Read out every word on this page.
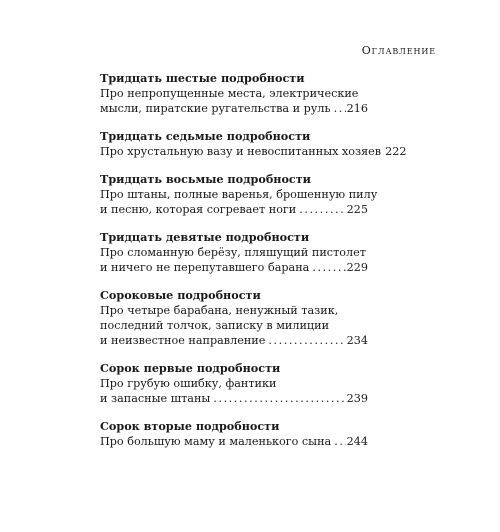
Оглавление
Тридцать шестые подробности
Про непропущенные места, электрические
мысли, пиратские ругательства и руль . . . 216
Тридцать седьмые подробности
Про хрустальную вазу и невоспитанных хозяев 222
Тридцать восьмые подробности
Про штаны, полные варенья, брошенную пилу
и песню, которая согревает ноги . . .	225
Тридцать девятые подробности
Про сломанную берёзу, пляшущий пистолет
и ничего не перепутавшего барана . . .	229
Сороковые подробности
Про четыре барабана, ненужный тазик,
последний толчок, записку в милиции
и неизвестное направление . . .	234
Сорок первые подробности
Про грубую ошибку, фантики
и запасные штаны . . .	239
Сорок вторые подробности
Про большую маму и маленького сына . . . 244
